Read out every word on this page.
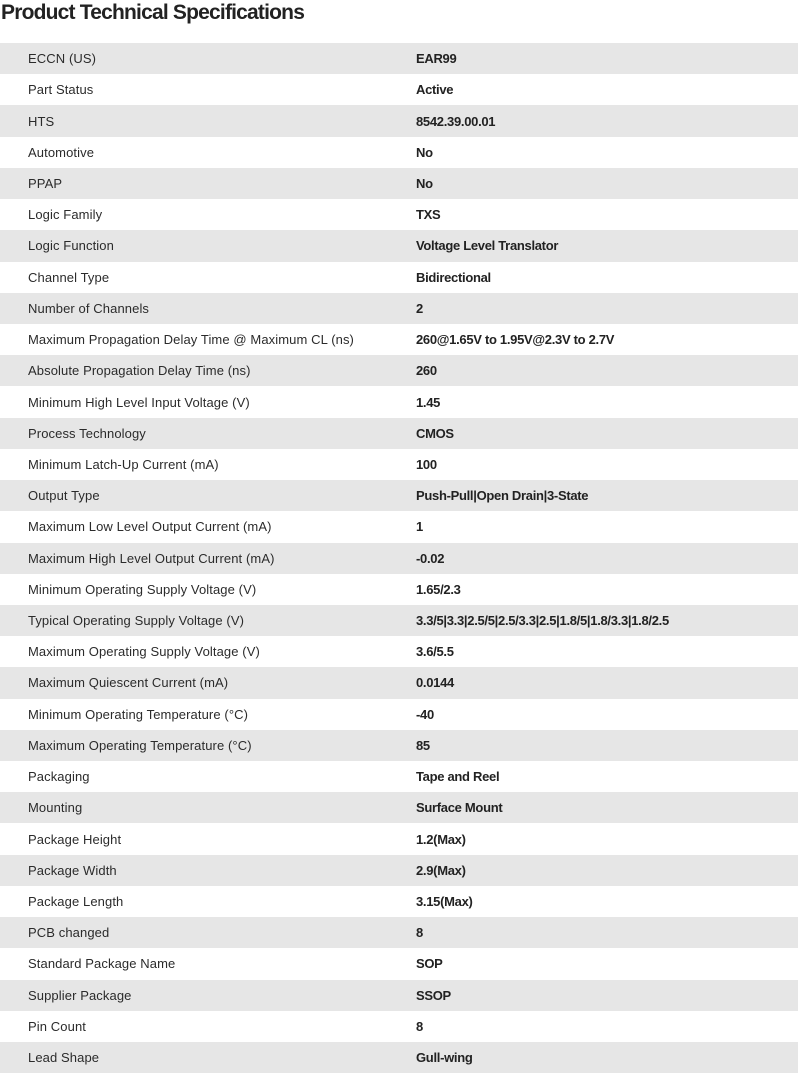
Product Technical Specifications
ECCN (US)	EAR99
Part Status	Active
HTS	8542.39.00.01
Automotive	No
PPAP	No
Logic Family	TXS
Logic Function	Voltage Level Translator
Channel Type	Bidirectional
Number of Channels	2
Maximum Propagation Delay Time @ Maximum CL (ns)	260@1.65V to 1.95V@2.3V to 2.7V
Absolute Propagation Delay Time (ns)	260
Minimum High Level Input Voltage (V)	1.45
Process Technology	CMOS
Minimum Latch-Up Current (mA)	100
Output Type	Push-Pull|Open Drain|3-State
Maximum Low Level Output Current (mA)	1
Maximum High Level Output Current (mA)	-0.02
Minimum Operating Supply Voltage (V)	1.65/2.3
Typical Operating Supply Voltage (V)	3.3/5|3.3|2.5/5|2.5/3.3|2.5|1.8/5|1.8/3.3|1.8/2.5
Maximum Operating Supply Voltage (V)	3.6/5.5
Maximum Quiescent Current (mA)	0.0144
Minimum Operating Temperature (°C)	-40
Maximum Operating Temperature (°C)	85
Packaging	Tape and Reel
Mounting	Surface Mount
Package Height	1.2(Max)
Package Width	2.9(Max)
Package Length	3.15(Max)
PCB changed	8
Standard Package Name	SOP
Supplier Package	SSOP
Pin Count	8
Lead Shape	Gull-wing
